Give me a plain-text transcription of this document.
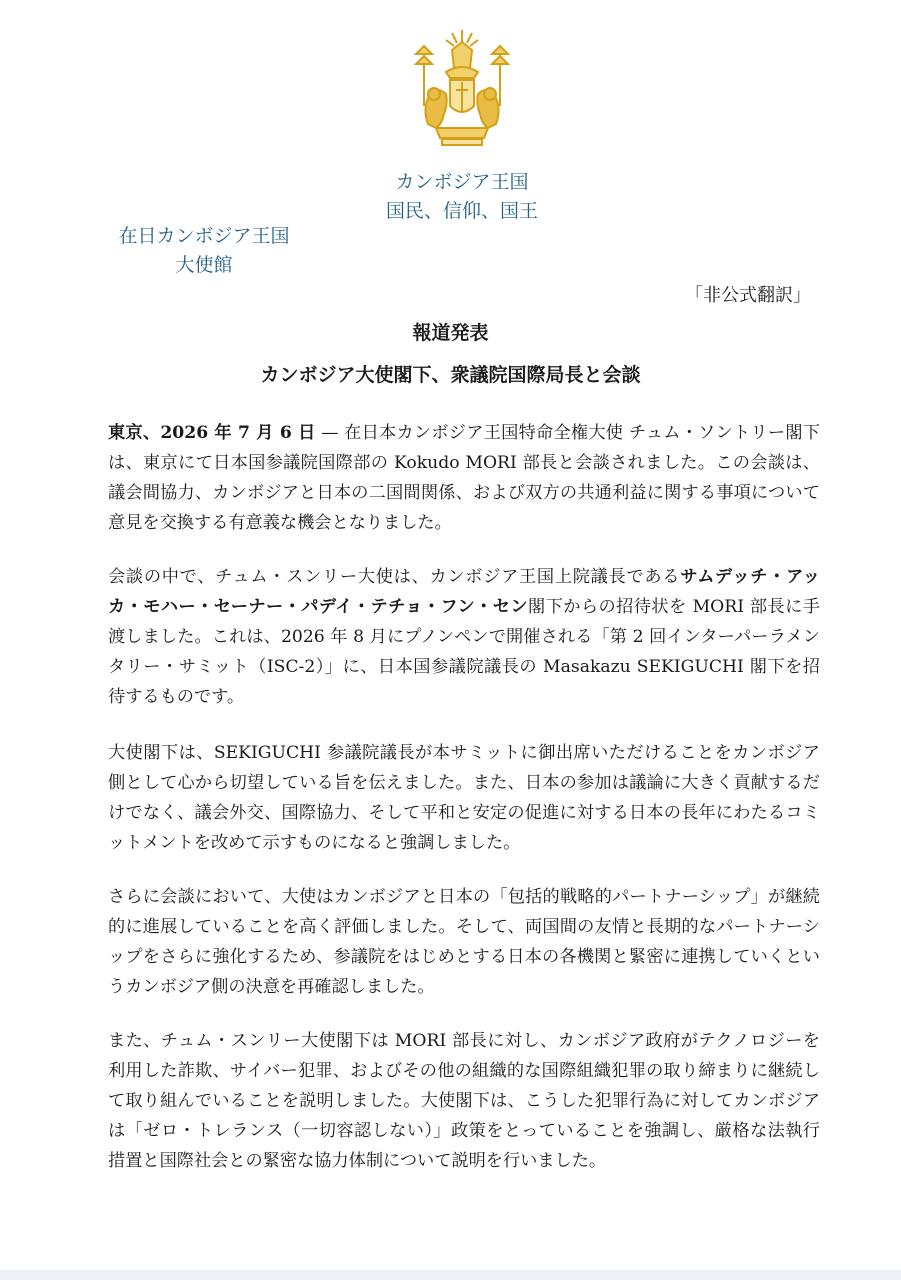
カンボジア王国
国民、信仰、国王
在日カンボジア王国
大使館
「非公式翻訳」
報道発表
カンボジア大使閣下、衆議院国際局長と会談

東京、2026 年 7 月 6 日 — 在日本カンボジア王国特命全権大使 チュム・ソントリー閣下は、東京にて日本国参議院国際部の Kokudo MORI 部長と会談されました。この会談は、議会間協力、カンボジアと日本の二国間関係、および双方の共通利益に関する事項について意見を交換する有意義な機会となりました。

会談の中で、チュム・スンリー大使は、カンボジア王国上院議長であるサムデッチ・アッカ・モハー・セーナー・パデイ・テチョ・フン・セン閣下からの招待状を MORI 部長に手渡しました。これは、2026 年 8 月にプノンペンで開催される「第 2 回インターパーラメンタリー・サミット（ISC-2）」に、日本国参議院議長の Masakazu SEKIGUCHI 閣下を招待するものです。

大使閣下は、SEKIGUCHI 参議院議長が本サミットに御出席いただけることをカンボジア側として心から切望している旨を伝えました。また、日本の参加は議論に大きく貢献するだけでなく、議会外交、国際協力、そして平和と安定の促進に対する日本の長年にわたるコミットメントを改めて示すものになると強調しました。

さらに会談において、大使はカンボジアと日本の「包括的戦略的パートナーシップ」が継続的に進展していることを高く評価しました。そして、両国間の友情と長期的なパートナーシップをさらに強化するため、参議院をはじめとする日本の各機関と緊密に連携していくというカンボジア側の決意を再確認しました。

また、チュム・スンリー大使閣下は MORI 部長に対し、カンボジア政府がテクノロジーを利用した詐欺、サイバー犯罪、およびその他の組織的な国際組織犯罪の取り締まりに継続して取り組んでいることを説明しました。大使閣下は、こうした犯罪行為に対してカンボジアは「ゼロ・トレランス（一切容認しない）」政策をとっていることを強調し、厳格な法執行措置と国際社会との緊密な協力体制について説明を行いました。
